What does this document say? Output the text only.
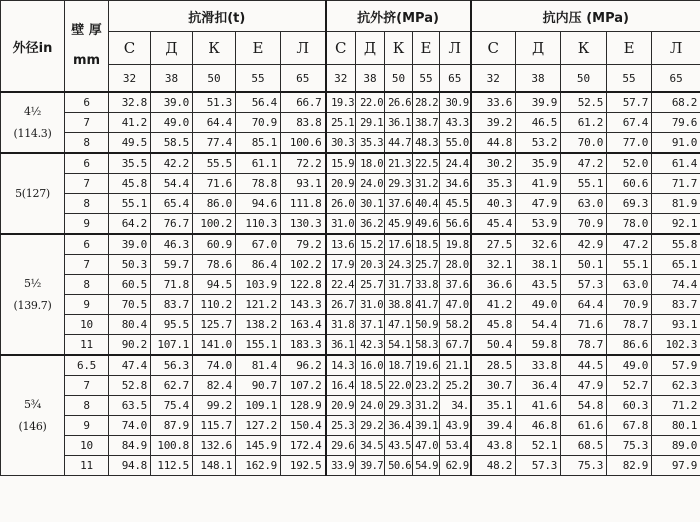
外径in	壁 厚
mm	抗滑扣(t)					抗外挤(MPa)					抗内压 (MPa)				
		С	Д	К	Е	Л	С	Д	К	Е	Л	С	Д	К	Е	Л
		32	38	50	55	65	32	38	50	55	65	32	38	50	55	65

4½
(114.3)	6	32.8	39.0	51.3	56.4	66.7	19.3	22.0	26.6	28.2	30.9	33.6	39.9	52.5	57.7	68.2
	7	41.2	49.0	64.4	70.9	83.8	25.1	29.1	36.1	38.7	43.3	39.2	46.5	61.2	67.4	79.6
	8	49.5	58.5	77.4	85.1	100.6	30.3	35.3	44.7	48.3	55.0	44.8	53.2	70.0	77.0	91.0

5(127)	6	35.5	42.2	55.5	61.1	72.2	15.9	18.0	21.3	22.5	24.4	30.2	35.9	47.2	52.0	61.4
	7	45.8	54.4	71.6	78.8	93.1	20.9	24.0	29.3	31.2	34.6	35.3	41.9	55.1	60.6	71.7
	8	55.1	65.4	86.0	94.6	111.8	26.0	30.1	37.6	40.4	45.5	40.3	47.9	63.0	69.3	81.9
	9	64.2	76.7	100.2	110.3	130.3	31.0	36.2	45.9	49.6	56.6	45.4	53.9	70.9	78.0	92.1

5½
(139.7)	6	39.0	46.3	60.9	67.0	79.2	13.6	15.2	17.6	18.5	19.8	27.5	32.6	42.9	47.2	55.8
	7	50.3	59.7	78.6	86.4	102.2	17.9	20.3	24.3	25.7	28.0	32.1	38.1	50.1	55.1	65.1
	8	60.5	71.8	94.5	103.9	122.8	22.4	25.7	31.7	33.8	37.6	36.6	43.5	57.3	63.0	74.4
	9	70.5	83.7	110.2	121.2	143.3	26.7	31.0	38.8	41.7	47.0	41.2	49.0	64.4	70.9	83.7
	10	80.4	95.5	125.7	138.2	163.4	31.8	37.1	47.1	50.9	58.2	45.8	54.4	71.6	78.7	93.1
	11	90.2	107.1	141.0	155.1	183.3	36.1	42.3	54.1	58.3	67.7	50.4	59.8	78.7	86.6	102.3

5¾
(146)	6.5	47.4	56.3	74.0	81.4	96.2	14.3	16.0	18.7	19.6	21.1	28.5	33.8	44.5	49.0	57.9
	7	52.8	62.7	82.4	90.7	107.2	16.4	18.5	22.0	23.2	25.2	30.7	36.4	47.9	52.7	62.3
	8	63.5	75.4	99.2	109.1	128.9	20.9	24.0	29.3	31.2	34.	35.1	41.6	54.8	60.3	71.2
	9	74.0	87.9	115.7	127.2	150.4	25.3	29.2	36.4	39.1	43.9	39.4	46.8	61.6	67.8	80.1
	10	84.9	100.8	132.6	145.9	172.4	29.6	34.5	43.5	47.0	53.4	43.8	52.1	68.5	75.3	89.0
	11	94.8	112.5	148.1	162.9	192.5	33.9	39.7	50.6	54.9	62.9	48.2	57.3	75.3	82.9	97.9
